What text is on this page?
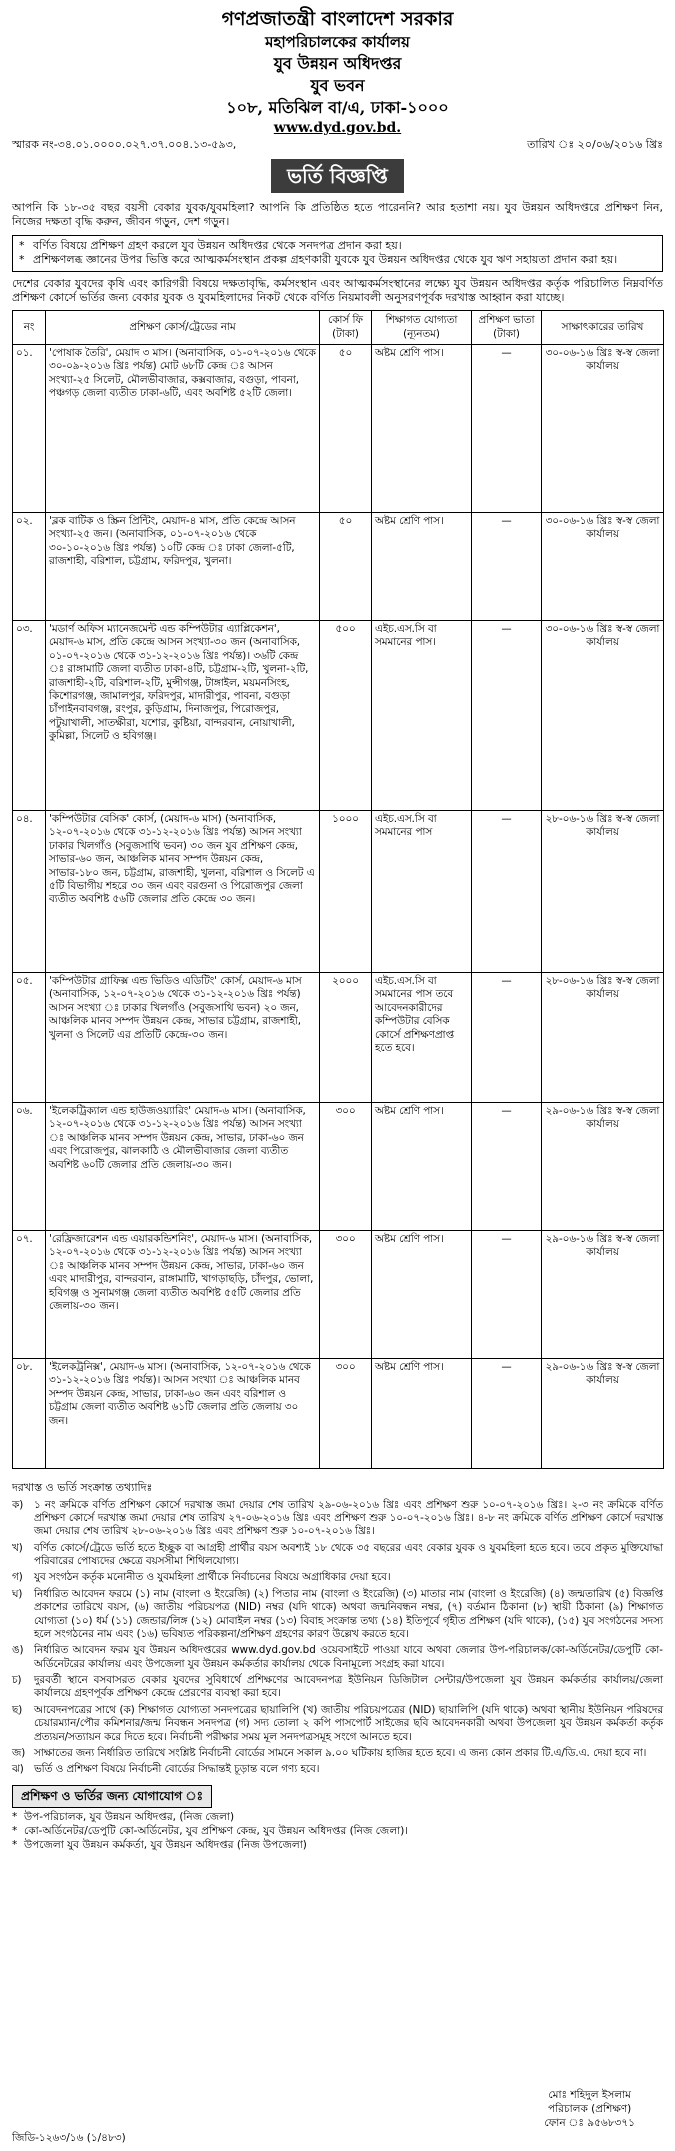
গণপ্রজাতন্ত্রী বাংলাদেশ সরকার
মহাপরিচালকের কার্যালয়
যুব উন্নয়ন অধিদপ্তর
যুব ভবন
১০৮, মতিঝিল বা/এ, ঢাকা-১০০০
www.dyd.gov.bd.
স্মারক নং-৩৪.০১.০০০০.০২৭.৩৭.০০৪.১৩-৫৯৩,	তারিখ ঃ ২০/০৬/২০১৬ খ্রিঃ
ভর্তি বিজ্ঞপ্তি

আপনি কি ১৮-৩৫ বছর বয়সী বেকার যুবক/যুবমহিলা? আপনি কি প্রতিষ্ঠিত হতে পারেননি? আর হতাশা নয়। যুব উন্নয়ন অধিদপ্তরে প্রশিক্ষণ নিন, নিজের দক্ষতা বৃদ্ধি করুন, জীবন গড়ুন, দেশ গড়ুন।

* বর্ণিত বিষয়ে প্রশিক্ষণ গ্রহণ করলে যুব উন্নয়ন অধিদপ্তর থেকে সনদপত্র প্রদান করা হয়।
* প্রশিক্ষণলব্ধ জ্ঞানের উপর ভিত্তি করে আত্মকর্মসংস্থান প্রকল্প গ্রহণকারী যুবকে যুব উন্নয়ন অধিদপ্তর থেকে যুব ঋণ সহায়তা প্রদান করা হয়।

দেশের বেকার যুবদের কৃষি এবং কারিগরী বিষয়ে দক্ষতাবৃদ্ধি, কর্মসংস্থান এবং আত্মকর্মসংস্থানের লক্ষ্যে যুব উন্নয়ন অধিদপ্তর কর্তৃক পরিচালিত নিম্নবর্ণিত প্রশিক্ষণ কোর্সে ভর্তির জন্য বেকার যুবক ও যুবমহিলাদের নিকট থেকে বর্ণিত নিয়মাবলী অনুসরণপূর্বক দরখাস্ত আহ্বান করা যাচ্ছে।

নং	প্রশিক্ষণ কোর্স/ট্রেডের নাম	কোর্স ফি (টাকা)	শিক্ষাগত যোগ্যতা (ন্যূনতম)	প্রশিক্ষণ ভাতা (টাকা)	সাক্ষাৎকারের তারিখ
০১.	'পোষাক তৈরি', মেয়াদ ৩ মাস। (অনাবাসিক, ০১-০৭-২০১৬ থেকে ৩০-০৯-২০১৬ খ্রিঃ পর্যন্ত) মোট ৬৮টি কেন্দ্র ঃ আসন সংখ্যা-২৫ সিলেট, মৌলভীবাজার, কক্সবাজার, বগুড়া, পাবনা, পঞ্চগড় জেলা ব্যতীত ঢাকা-৬টি, এবং অবশিষ্ট ৫২টি জেলা।	৫০	অষ্টম শ্রেণি পাস।	—	৩০-০৬-১৬ খ্রিঃ স্ব-স্ব জেলা কার্যালয়
০২.	'ব্লক বাটিক ও স্ক্রিন প্রিন্টিং, মেয়াদ-৪ মাস, প্রতি কেন্দ্রে আসন সংখ্যা-২৫ জন। (অনাবাসিক, ০১-০৭-২০১৬ থেকে ৩০-১০-২০১৬ খ্রিঃ পর্যন্ত) ১০টি কেন্দ্র ঃ ঢাকা জেলা-৫টি, রাজশাহী, বরিশাল, চট্টগ্রাম, ফরিদপুর, খুলনা।	৫০	অষ্টম শ্রেণি পাস।	—	৩০-০৬-১৬ খ্রিঃ স্ব-স্ব জেলা কার্যালয়
০৩.	'মডার্ণ অফিস ম্যানেজমেন্ট এন্ড কম্পিউটার এ্যাপ্লিকেশন', মেয়াদ-৬ মাস, প্রতি কেন্দ্রে আসন সংখ্যা-৩০ জন (অনাবাসিক, ০১-০৭-২০১৬ থেকে ৩১-১২-২০১৬ খ্রিঃ পর্যন্ত)। ৩৬টি কেন্দ্র ঃ রাঙ্গামাটি জেলা ব্যতীত ঢাকা-৪টি, চট্টগ্রাম-২টি, খুলনা-২টি, রাজশাহী-২টি, বরিশাল-২টি, মুন্সীগঞ্জ, টাঙ্গাইল, ময়মনসিংহ, কিশোরগঞ্জ, জামালপুর, ফরিদপুর, মাদারীপুর, পাবনা, বগুড়া চাঁপাইনবাবগঞ্জ, রংপুর, কুড়িগ্রাম, দিনাজপুর, পিরোজপুর, পটুয়াখালী, সাতক্ষীরা, যশোর, কুষ্টিয়া, বান্দরবান, নোয়াখালী, কুমিল্লা, সিলেট ও হবিগঞ্জ।	৫০০	এইচ.এস.সি বা সমমানের পাস।	—	৩০-০৬-১৬ খ্রিঃ স্ব-স্ব জেলা কার্যালয়
০৪.	'কম্পিউটার বেসিক' কোর্স, (মেয়াদ-৬ মাস) (অনাবাসিক, ১২-০৭-২০১৬ থেকে ৩১-১২-২০১৬ খ্রিঃ পর্যন্ত) আসন সংখ্যা ঢাকার খিলগাঁও (সবুজসাথি ভবন) ৩০ জন যুব প্রশিক্ষণ কেন্দ্র, সাভার-৬০ জন, আঞ্চলিক মানব সম্পদ উন্নয়ন কেন্দ্র, সাভার-১৮০ জন, চট্টগ্রাম, রাজশাহী, খুলনা, বরিশাল ও সিলেট এ ৫টি বিভাগীয় শহরে ৩০ জন এবং বরগুনা ও পিরোজপুর জেলা ব্যতীত অবশিষ্ট ৫৬টি জেলার প্রতি কেন্দ্রে ৩০ জন।	১০০০	এইচ.এস.সি বা সমমানের পাস	—	২৮-০৬-১৬ খ্রিঃ স্ব-স্ব জেলা কার্যালয়
০৫.	'কম্পিউটার গ্রাফিক্স এন্ড ভিডিও এডিটিং' কোর্স, মেয়াদ-৬ মাস (অনাবাসিক, ১২-০৭-২০১৬ থেকে ৩১-১২-২০১৬ খ্রিঃ পর্যন্ত) আসন সংখ্যা ঃ ঢাকার খিলগাঁও (সবুজসাথি ভবন) ২০ জন, আঞ্চলিক মানব সম্পদ উন্নয়ন কেন্দ্র, সাভার চট্টগ্রাম, রাজশাহী, খুলনা ও সিলেট এর প্রতিটি কেন্দ্রে-৩০ জন।	২০০০	এইচ.এস.সি বা সমমানের পাস তবে আবেদনকারীদের কম্পিউটার বেসিক কোর্সে প্রশিক্ষণপ্রাপ্ত হতে হবে।	—	২৮-০৬-১৬ খ্রিঃ স্ব-স্ব জেলা কার্যালয়
০৬.	'ইলেকট্রিক্যাল এন্ড হাউজওয়্যারিং' মেয়াদ-৬ মাস। (অনাবাসিক, ১২-০৭-২০১৬ থেকে ৩১-১২-২০১৬ খ্রিঃ পর্যন্ত) আসন সংখ্যা ঃ আঞ্চলিক মানব সম্পদ উন্নয়ন কেন্দ্র, সাভার, ঢাকা-৬০ জন এবং পিরোজপুর, ঝালকাঠি ও মৌলভীবাজার জেলা ব্যতীত অবশিষ্ট ৬০টি জেলার প্রতি জেলায়-৩০ জন।	৩০০	অষ্টম শ্রেণি পাস।	—	২৯-০৬-১৬ খ্রিঃ স্ব-স্ব জেলা কার্যালয়
০৭.	'রেফ্রিজারেশন এন্ড এয়ারকন্ডিশনিং', মেয়াদ-৬ মাস। (অনাবাসিক, ১২-০৭-২০১৬ থেকে ৩১-১২-২০১৬ খ্রিঃ পর্যন্ত) আসন সংখ্যা ঃ আঞ্চলিক মানব সম্পদ উন্নয়ন কেন্দ্র, সাভার, ঢাকা-৬০ জন এবং মাদারীপুর, বান্দরবান, রাঙ্গামাটি, খাগড়াছড়ি, চাঁদপুর, ভোলা, হবিগঞ্জ ও সুনামগঞ্জ জেলা ব্যতীত অবশিষ্ট ৫৫টি জেলার প্রতি জেলায়-৩০ জন।	৩০০	অষ্টম শ্রেণি পাস।	—	২৯-০৬-১৬ খ্রিঃ স্ব-স্ব জেলা কার্যালয়
০৮.	'ইলেকট্রনিক্স', মেয়াদ-৬ মাস। (অনাবাসিক, ১২-০৭-২০১৬ থেকে ৩১-১২-২০১৬ খ্রিঃ পর্যন্ত)। আসন সংখ্যা ঃ আঞ্চলিক মানব সম্পদ উন্নয়ন কেন্দ্র, সাভার, ঢাকা-৬০ জন এবং বরিশাল ও চট্টগ্রাম জেলা ব্যতীত অবশিষ্ট ৬১টি জেলার প্রতি জেলায় ৩০ জন।	৩০০	অষ্টম শ্রেণি পাস।	—	২৯-০৬-১৬ খ্রিঃ স্ব-স্ব জেলা কার্যালয়
দরখাস্ত ও ভর্তি সংক্রান্ত তথ্যাদিঃ
ক)	১ নং ক্রমিকে বর্ণিত প্রশিক্ষণ কোর্সে দরখাস্ত জমা দেয়ার শেষ তারিখ ২৯-০৬-২০১৬ খ্রিঃ এবং প্রশিক্ষণ শুরু ১০-০৭-২০১৬ খ্রিঃ। ২-৩ নং ক্রমিকে বর্ণিত প্রশিক্ষণ কোর্সে দরখাস্ত জমা দেয়ার শেষ তারিখ ২৭-০৬-২০১৬ খ্রিঃ এবং প্রশিক্ষণ শুরু ১০-০৭-২০১৬ খ্রিঃ। ৪-৮ নং ক্রমিকে বর্ণিত প্রশিক্ষণ কোর্সে দরখাস্ত জমা দেয়ার শেষ তারিখ ২৮-০৬-২০১৬ খ্রিঃ এবং প্রশিক্ষণ শুরু ১০-০৭-২০১৬ খ্রিঃ।
খ)	বর্ণিত কোর্সে/ট্রেডে ভর্তি হতে ইচ্ছুক বা আগ্রহী প্রার্থীর বয়স অবশ্যই ১৮ থেকে ৩৫ বছরের এবং বেকার যুবক ও যুবমহিলা হতে হবে। তবে প্রকৃত মুক্তিযোদ্ধা পরিবারের পোষ্যদের ক্ষেত্রে বয়সসীমা শিথিলযোগ্য।
গ)	যুব সংগঠন কর্তৃক মনোনীত ও যুবমহিলা প্রার্থীকে নির্বাচনের বিষয়ে অগ্রাধিকার দেয়া হবে।
ঘ)	নির্ধারিত আবেদন ফরমে (১) নাম (বাংলা ও ইংরেজি) (২) পিতার নাম (বাংলা ও ইংরেজি) (৩) মাতার নাম (বাংলা ও ইংরেজি) (৪) জন্মতারিখ (৫) বিজ্ঞপ্তি প্রকাশের তারিখে বয়স, (৬) জাতীয় পরিচয়পত্র (NID) নম্বর (যদি থাকে) অথবা জন্মনিবন্ধন নম্বর, (৭) বর্তমান ঠিকানা (৮) স্থায়ী ঠিকানা (৯) শিক্ষাগত যোগ্যতা (১০) ধর্ম (১১) জেন্ডার/লিঙ্গ (১২) মোবাইল নম্বর (১৩) বিবাহ সংক্রান্ত তথ্য (১৪) ইতিপূর্বে গৃহীত প্রশিক্ষণ (যদি থাকে), (১৫) যুব সংগঠনের সদস্য হলে সংগঠনের নাম এবং (১৬) ভবিষ্যত পরিকল্পনা/প্রশিক্ষণ গ্রহণের কারণ উল্লেখ করতে হবে।
ঙ)	নির্ধারিত আবেদন ফরম যুব উন্নয়ন অধিদপ্তরের www.dyd.gov.bd ওয়েবসাইটে পাওয়া যাবে অথবা জেলার উপ-পরিচালক/কো-অর্ডিনেটর/ডেপুটি কো-অর্ডিনেটরের কার্যালয় এবং উপজেলা যুব উন্নয়ন কর্মকর্তার কার্যালয় থেকে বিনামূল্যে সংগ্রহ করা যাবে।
চ)	দুরবর্তী স্থানে বসবাসরত বেকার যুবদের সুবিধার্থে প্রশিক্ষণের আবেদনপত্র ইউনিয়ন ডিজিটাল সেন্টার/উপজেলা যুব উন্নয়ন কর্মকর্তার কার্যালয়/জেলা কার্যালয়ে গ্রহণপূর্বক প্রশিক্ষণ কেন্দ্রে প্রেরণের ব্যবস্থা করা হবে।
ছ)	আবেদনপত্রের সাথে (ক) শিক্ষাগত যোগ্যতা সনদপত্রের ছায়ালিপি (খ) জাতীয় পরিচয়পত্রের (NID) ছায়ালিপি (যদি থাকে) অথবা স্থানীয় ইউনিয়ন পরিষদের চেয়ারম্যান/পৌর কমিশনার/জন্ম নিবন্ধন সনদপত্র (গ) সদ্য তোলা ২ কপি পাসপোর্ট সাইজের ছবি আবেদনকারী অথবা উপজেলা যুব উন্নয়ন কর্মকর্তা কর্তৃক প্রত্যয়ন/সত্যায়ন করে দিতে হবে। নির্বাচনী পরীক্ষার সময় মূল সনদপত্রসমূহ সংগে আনতে হবে।
জ) সাক্ষাতের জন্য নির্ধারিত তারিখে সংশ্লিষ্ট নির্বাচনী বোর্ডের সামনে সকাল ৯.০০ ঘটিকায় হাজির হতে হবে। এ জন্য কোন প্রকার টি.এ/ডি.এ. দেয়া হবে না।
ঝ) ভর্তি ও প্রশিক্ষণ বিষয়ে নির্বাচনী বোর্ডের সিদ্ধান্তই চূড়ান্ত বলে গণ্য হবে।
প্রশিক্ষণ ও ভর্তির জন্য যোগাযোগ ঃ
* উপ-পরিচালক, যুব উন্নয়ন অধিদপ্তর, (নিজ জেলা)
* কো-অর্ডিনেটর/ডেপুটি কো-অর্ডিনেটর, যুব প্রশিক্ষণ কেন্দ্র, যুব উন্নয়ন অধিদপ্তর (নিজ জেলা)।
* উপজেলা যুব উন্নয়ন কর্মকর্তা, যুব উন্নয়ন অধিদপ্তর (নিজ উপজেলা)
মোঃ শহিদুল ইসলাম
পরিচালক (প্রশিক্ষণ)
ফোন ঃ ৯৫৬৮৩৭১
জিডি-১২৬৩/১৬ (১/৪৮৩)
